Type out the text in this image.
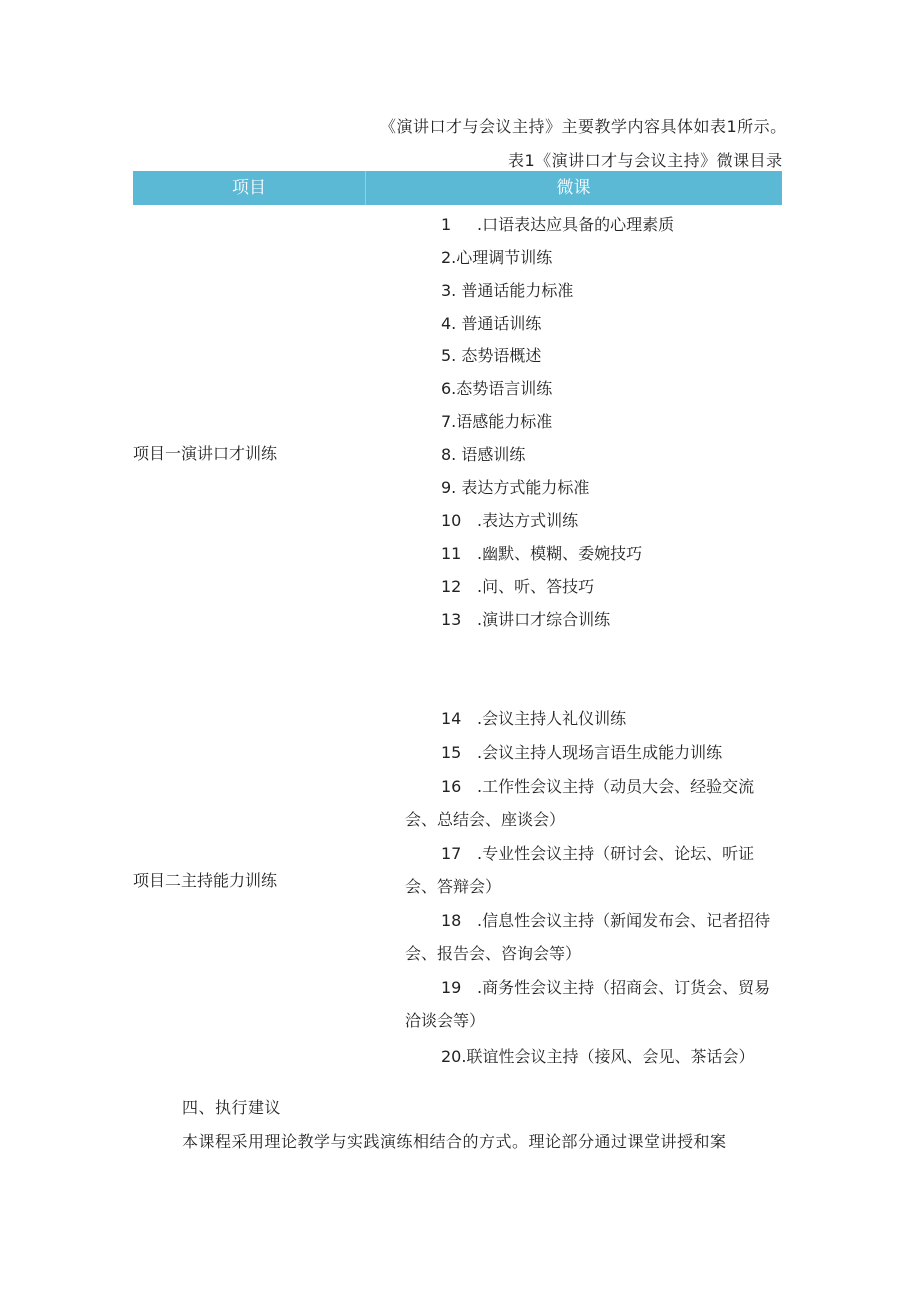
《演讲口才与会议主持》主要教学内容具体如表1所示。
表1《演讲口才与会议主持》微课目录
项目	微课
项目一演讲口才训练
1 .口语表达应具备的心理素质
2.心理调节训练
3. 普通话能力标准
4. 普通话训练
5. 态势语概述
6.态势语言训练
7.语感能力标准
8. 语感训练
9. 表达方式能力标准
10 .表达方式训练
11 .幽默、模糊、委婉技巧
12 .问、听、答技巧
13 .演讲口才综合训练
项目二主持能力训练
14 .会议主持人礼仪训练
15 .会议主持人现场言语生成能力训练
16 .工作性会议主持（动员大会、经验交流会、总结会、座谈会）
17 .专业性会议主持（研讨会、论坛、听证会、答辩会）
18 .信息性会议主持（新闻发布会、记者招待会、报告会、咨询会等）
19 .商务性会议主持（招商会、订货会、贸易洽谈会等）
20.联谊性会议主持（接风、会见、茶话会）
四、执行建议
本课程采用理论教学与实践演练相结合的方式。理论部分通过课堂讲授和案
